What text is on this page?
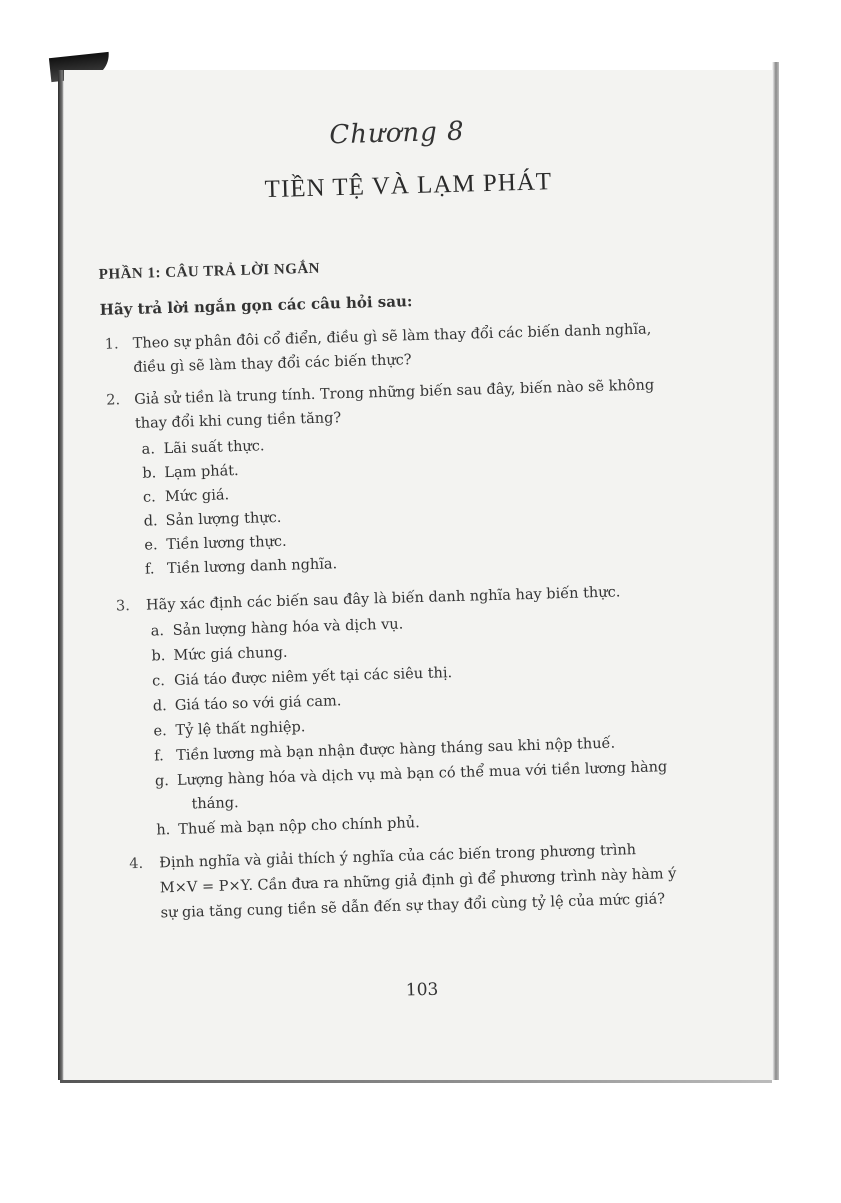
Chương 8
TIỀN TỆ VÀ LẠM PHÁT
PHẦN 1: CÂU TRẢ LỜI NGẮN
Hãy trả lời ngắn gọn các câu hỏi sau:
1. Theo sự phân đôi cổ điển, điều gì sẽ làm thay đổi các biến danh nghĩa,
điều gì sẽ làm thay đổi các biến thực?
2. Giả sử tiền là trung tính. Trong những biến sau đây, biến nào sẽ không
thay đổi khi cung tiền tăng?
a. Lãi suất thực.
b. Lạm phát.
c. Mức giá.
d. Sản lượng thực.
e. Tiền lương thực.
f. Tiền lương danh nghĩa.
3. Hãy xác định các biến sau đây là biến danh nghĩa hay biến thực.
a. Sản lượng hàng hóa và dịch vụ.
b. Mức giá chung.
c. Giá táo được niêm yết tại các siêu thị.
d. Giá táo so với giá cam.
e. Tỷ lệ thất nghiệp.
f. Tiền lương mà bạn nhận được hàng tháng sau khi nộp thuế.
g. Lượng hàng hóa và dịch vụ mà bạn có thể mua với tiền lương hàng
tháng.
h. Thuế mà bạn nộp cho chính phủ.
4. Định nghĩa và giải thích ý nghĩa của các biến trong phương trình
M×V = P×Y. Cần đưa ra những giả định gì để phương trình này hàm ý
sự gia tăng cung tiền sẽ dẫn đến sự thay đổi cùng tỷ lệ của mức giá?
103
